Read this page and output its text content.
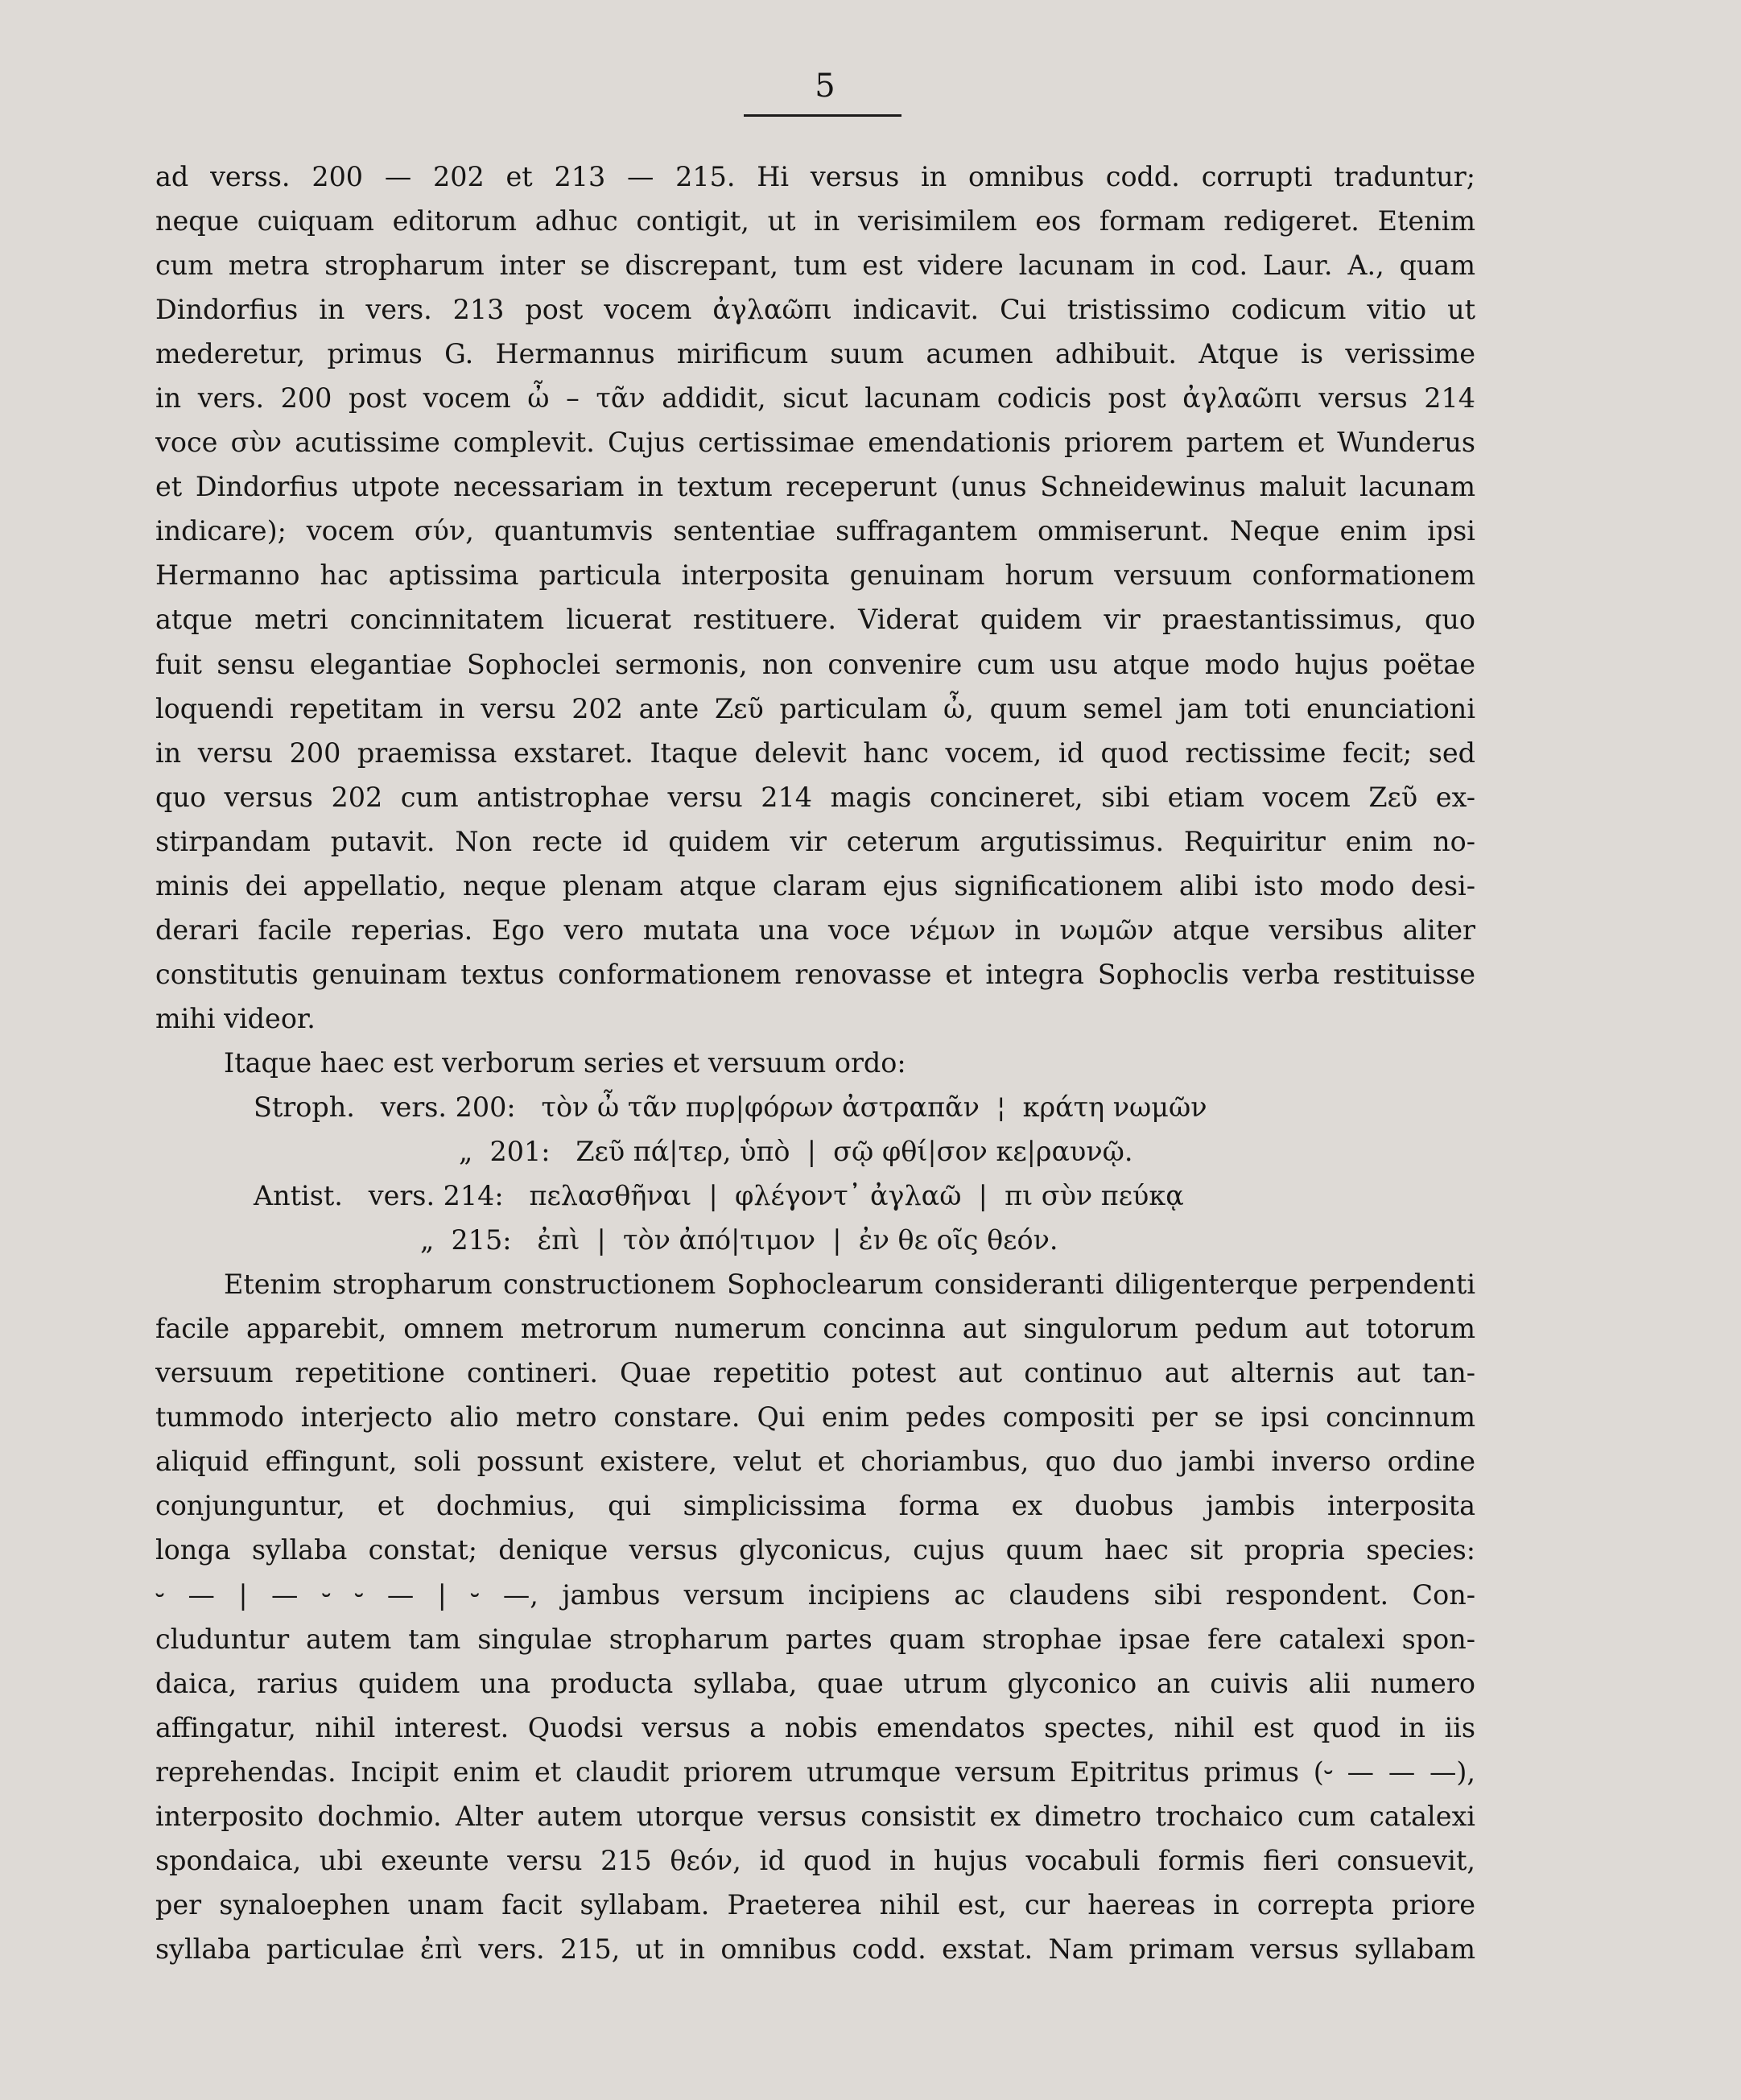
5
ad verss. 200 — 202 et 213 — 215. Hi versus in omnibus codd. corrupti traduntur;
neque cuiquam editorum adhuc contigit, ut in verisimilem eos formam redigeret. Etenim
cum metra stropharum inter se discrepant, tum est videre lacunam in cod. Laur. A., quam
Dindorfius in vers. 213 post vocem ἀγλαῶπι indicavit. Cui tristissimo codicum vitio ut
mederetur, primus G. Hermannus mirificum suum acumen adhibuit. Atque is verissime
in vers. 200 post vocem ὦ – τᾶν addidit, sicut lacunam codicis post ἀγλαῶπι versus 214
voce σὺν acutissime complevit. Cujus certissimae emendationis priorem partem et Wunderus
et Dindorfius utpote necessariam in textum receperunt (unus Schneidewinus maluit lacunam
indicare); vocem σύν, quantumvis sententiae suffragantem ommiserunt. Neque enim ipsi
Hermanno hac aptissima particula interposita genuinam horum versuum conformationem
atque metri concinnitatem licuerat restituere. Viderat quidem vir praestantissimus, quo
fuit sensu elegantiae Sophoclei sermonis, non convenire cum usu atque modo hujus poëtae
loquendi repetitam in versu 202 ante Ζεῦ particulam ὦ, quum semel jam toti enunciationi
in versu 200 praemissa exstaret. Itaque delevit hanc vocem, id quod rectissime fecit; sed
quo versus 202 cum antistrophae versu 214 magis concineret, sibi etiam vocem Ζεῦ ex-
stirpandam putavit. Non recte id quidem vir ceterum argutissimus. Requiritur enim no-
minis dei appellatio, neque plenam atque claram ejus significationem alibi isto modo desi-
derari facile reperias. Ego vero mutata una voce νέμων in νωμῶν atque versibus aliter
constitutis genuinam textus conformationem renovasse et integra Sophoclis verba restituisse
mihi videor.
Itaque haec est verborum series et versuum ordo:
Stroph.   vers. 200:   τὸν ὦ τᾶν πυρ|φόρων ἀστραπᾶν  ¦  κράτη νωμῶν
„  201:   Ζεῦ πά|τερ, ὑπὸ  |  σῷ φθί|σον κε|ραυνῷ.
Antist.   vers. 214:   πελασθῆναι  |  φλέγοντ᾽ ἀγλαῶ  |  πι σὺν πεύκᾳ
„  215:   ἐπὶ  |  τὸν ἀπό|τιμον  |  ἐν θε οῖς θεόν.
Etenim stropharum constructionem Sophoclearum consideranti diligenterque perpendenti
facile apparebit, omnem metrorum numerum concinna aut singulorum pedum aut totorum
versuum repetitione contineri. Quae repetitio potest aut continuo aut alternis aut tan-
tummodo interjecto alio metro constare. Qui enim pedes compositi per se ipsi concinnum
aliquid effingunt, soli possunt existere, velut et choriambus, quo duo jambi inverso ordine
conjunguntur, et dochmius, qui simplicissima forma ex duobus jambis interposita
longa syllaba constat; denique versus glyconicus, cujus quum haec sit propria species:
⏑ — | — ⏑ ⏑ — | ⏑ —, jambus versum incipiens ac claudens sibi respondent. Con-
cluduntur autem tam singulae stropharum partes quam strophae ipsae fere catalexi spon-
daica, rarius quidem una producta syllaba, quae utrum glyconico an cuivis alii numero
affingatur, nihil interest. Quodsi versus a nobis emendatos spectes, nihil est quod in iis
reprehendas. Incipit enim et claudit priorem utrumque versum Epitritus primus (⏑ — — —),
interposito dochmio. Alter autem utorque versus consistit ex dimetro trochaico cum catalexi
spondaica, ubi exeunte versu 215 θεόν, id quod in hujus vocabuli formis fieri consuevit,
per synaloephen unam facit syllabam. Praeterea nihil est, cur haereas in correpta priore
syllaba particulae ἐπὶ vers. 215, ut in omnibus codd. exstat. Nam primam versus syllabam
